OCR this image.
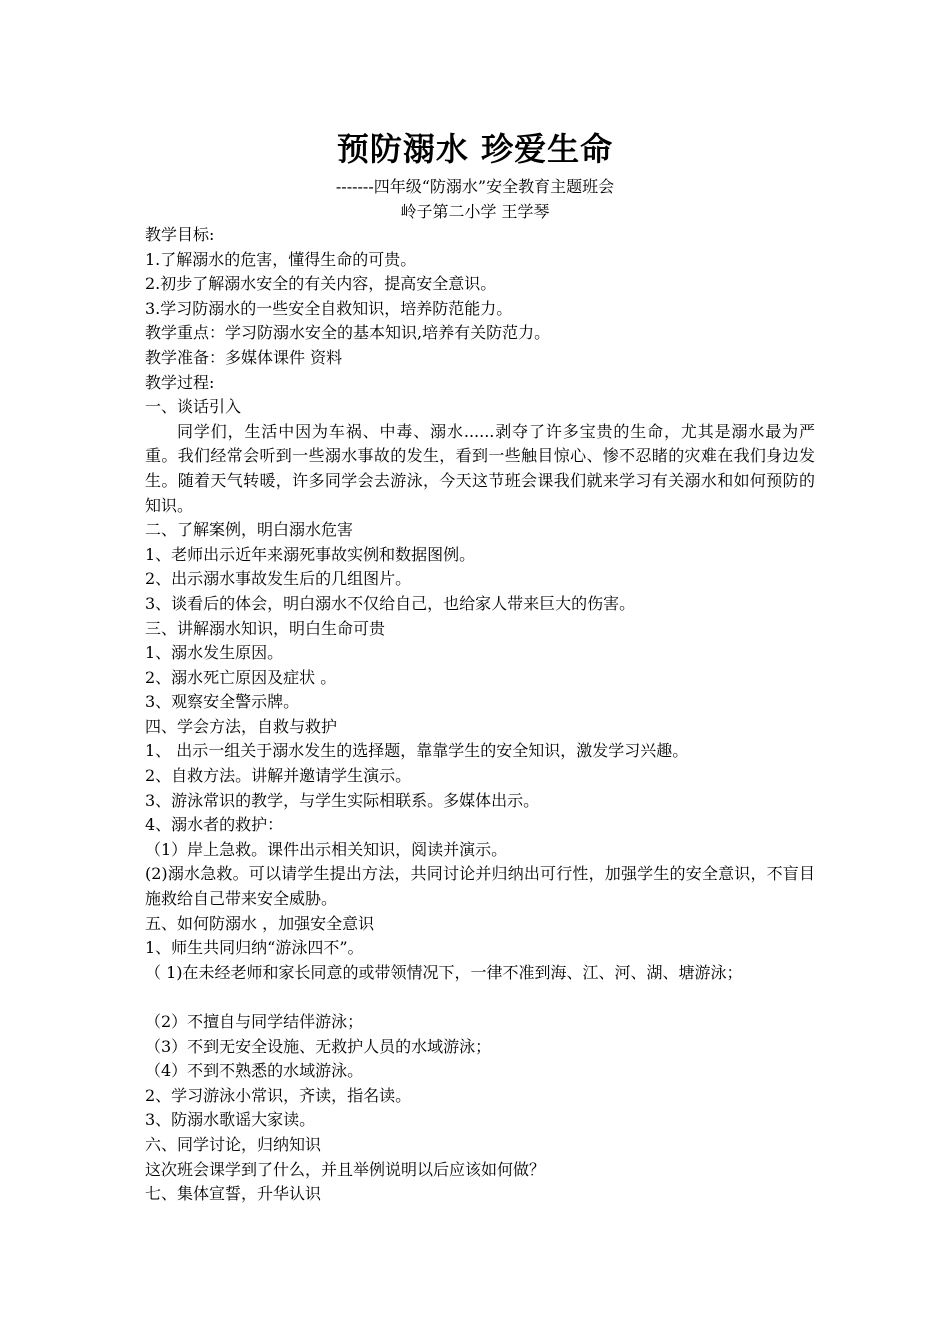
预防溺水 珍爱生命
-------四年级“防溺水”安全教育主题班会
岭子第二小学 王学琴
教学目标:
1.了解溺水的危害，懂得生命的可贵。
2.初步了解溺水安全的有关内容，提高安全意识。
3.学习防溺水的一些安全自救知识，培养防范能力。
教学重点：学习防溺水安全的基本知识,培养有关防范力。
教学准备：多媒体课件 资料
教学过程:
一、谈话引入
同学们，生活中因为车祸、中毒、溺水......剥夺了许多宝贵的生命，尤其是溺水最为严重。我们经常会听到一些溺水事故的发生，看到一些触目惊心、惨不忍睹的灾难在我们身边发生。随着天气转暖，许多同学会去游泳，今天这节班会课我们就来学习有关溺水和如何预防的知识。
二、了解案例，明白溺水危害
1、老师出示近年来溺死事故实例和数据图例。
2、出示溺水事故发生后的几组图片。
3、谈看后的体会，明白溺水不仅给自己，也给家人带来巨大的伤害。
三、讲解溺水知识，明白生命可贵
1、溺水发生原因。
2、溺水死亡原因及症状 。
3、观察安全警示牌。
四、学会方法，自救与救护
1、 出示一组关于溺水发生的选择题，靠靠学生的安全知识，激发学习兴趣。
2、自救方法。讲解并邀请学生演示。
3、游泳常识的教学，与学生实际相联系。多媒体出示。
4、溺水者的救护：
（1）岸上急救。课件出示相关知识，阅读并演示。
(2)溺水急救。可以请学生提出方法，共同讨论并归纳出可行性，加强学生的安全意识，不盲目施救给自己带来安全威胁。
五、如何防溺水 ，加强安全意识
1、师生共同归纳“游泳四不”。
（ 1)在未经老师和家长同意的或带领情况下，一律不准到海、江、河、湖、塘游泳；
（2）不擅自与同学结伴游泳；
（3）不到无安全设施、无救护人员的水域游泳；
（4）不到不熟悉的水域游泳。
2、学习游泳小常识，齐读，指名读。
3、防溺水歌谣大家读。
六、同学讨论，归纳知识
这次班会课学到了什么，并且举例说明以后应该如何做？
七、集体宣誓，升华认识
